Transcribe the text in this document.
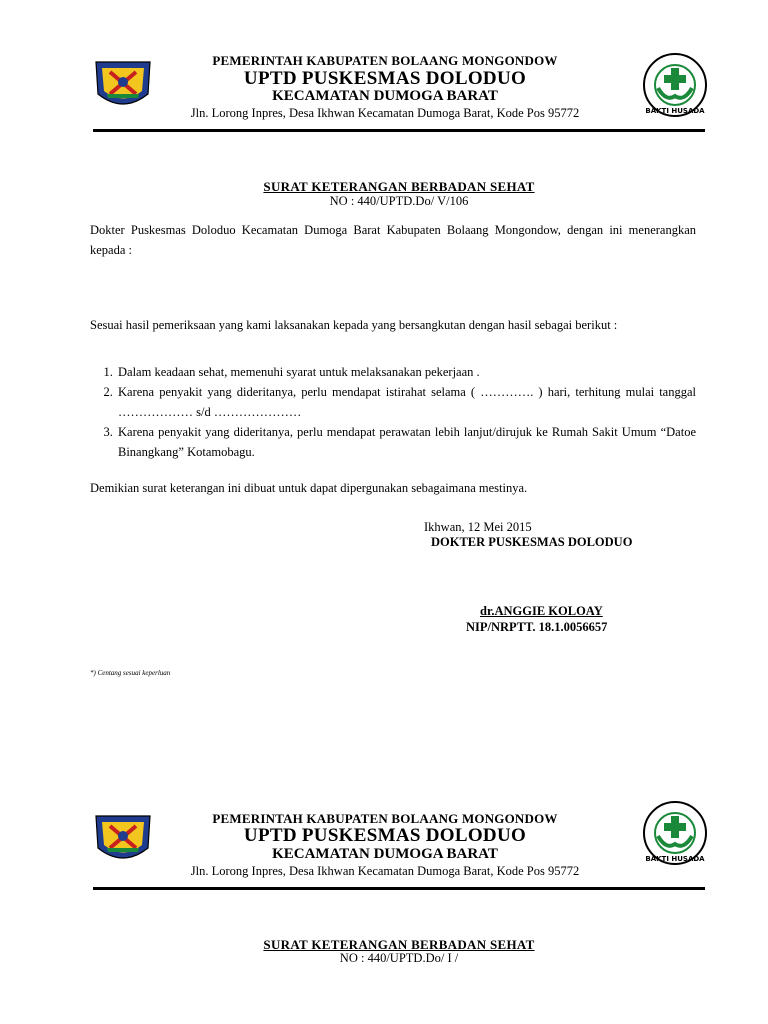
PEMERINTAH KABUPATEN BOLAANG MONGONDOW
UPTD PUSKESMAS DOLODUO
KECAMATAN DUMOGA BARAT
Jln. Lorong Inpres, Desa Ikhwan Kecamatan Dumoga Barat, Kode Pos 95772	BAKTI HUSADA
SURAT KETERANGAN BERBADAN SEHAT
NO : 440/UPTD.Do/ V/106
Dokter Puskesmas Doloduo Kecamatan Dumoga Barat Kabupaten Bolaang Mongondow, dengan ini menerangkan kepada :
Sesuai hasil pemeriksaan yang kami laksanakan kepada yang bersangkutan dengan hasil sebagai berikut :
1. Dalam keadaan sehat, memenuhi syarat untuk melaksanakan pekerjaan .
2. Karena penyakit yang dideritanya, perlu mendapat istirahat selama ( …………. ) hari, terhitung mulai tanggal ……………… s/d …………………
3. Karena penyakit yang dideritanya, perlu mendapat perawatan lebih lanjut/dirujuk ke Rumah Sakit Umum “Datoe Binangkang” Kotamobagu.
Demikian surat keterangan ini dibuat untuk dapat dipergunakan sebagaimana mestinya.
Ikhwan, 12 Mei 2015
DOKTER PUSKESMAS DOLODUO
dr.ANGGIE KOLOAY
NIP/NRPTT. 18.1.0056657
*) Centang sesuai keperluan
PEMERINTAH KABUPATEN BOLAANG MONGONDOW
UPTD PUSKESMAS DOLODUO
KECAMATAN DUMOGA BARAT
Jln. Lorong Inpres, Desa Ikhwan Kecamatan Dumoga Barat, Kode Pos 95772
BAKTI HUSADA
SURAT KETERANGAN BERBADAN SEHAT
NO : 440/UPTD.Do/ I /
